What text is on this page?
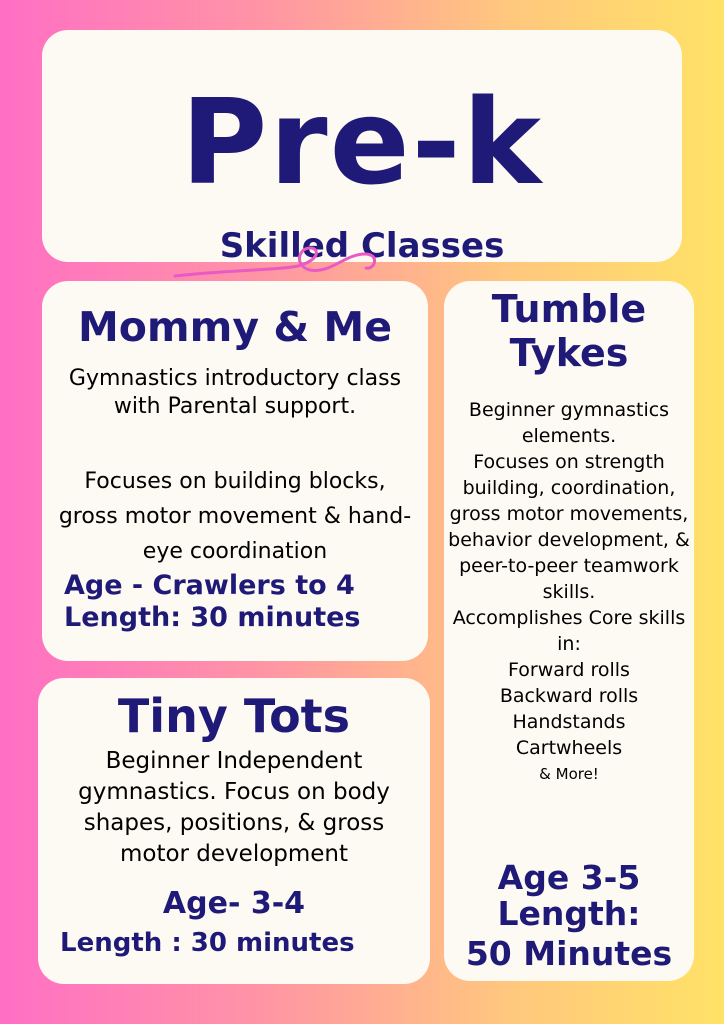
Pre-k
Skilled Classes
Mommy & Me
Gymnastics introductory class with Parental support.
Focuses on building blocks, gross motor movement & hand-eye coordination
Age - Crawlers to 4
Length: 30 minutes
Tiny Tots
Beginner Independent gymnastics. Focus on body shapes, positions, & gross motor development
Age- 3-4
Length : 30 minutes
Tumble
Tykes
Beginner gymnastics elements.
Focuses on strength building, coordination, gross motor movements, behavior development, & peer-to-peer teamwork skills.
Accomplishes Core skills in:
Forward rolls
Backward rolls
Handstands
Cartwheels
& More!
Age 3-5
Length:
50 Minutes
